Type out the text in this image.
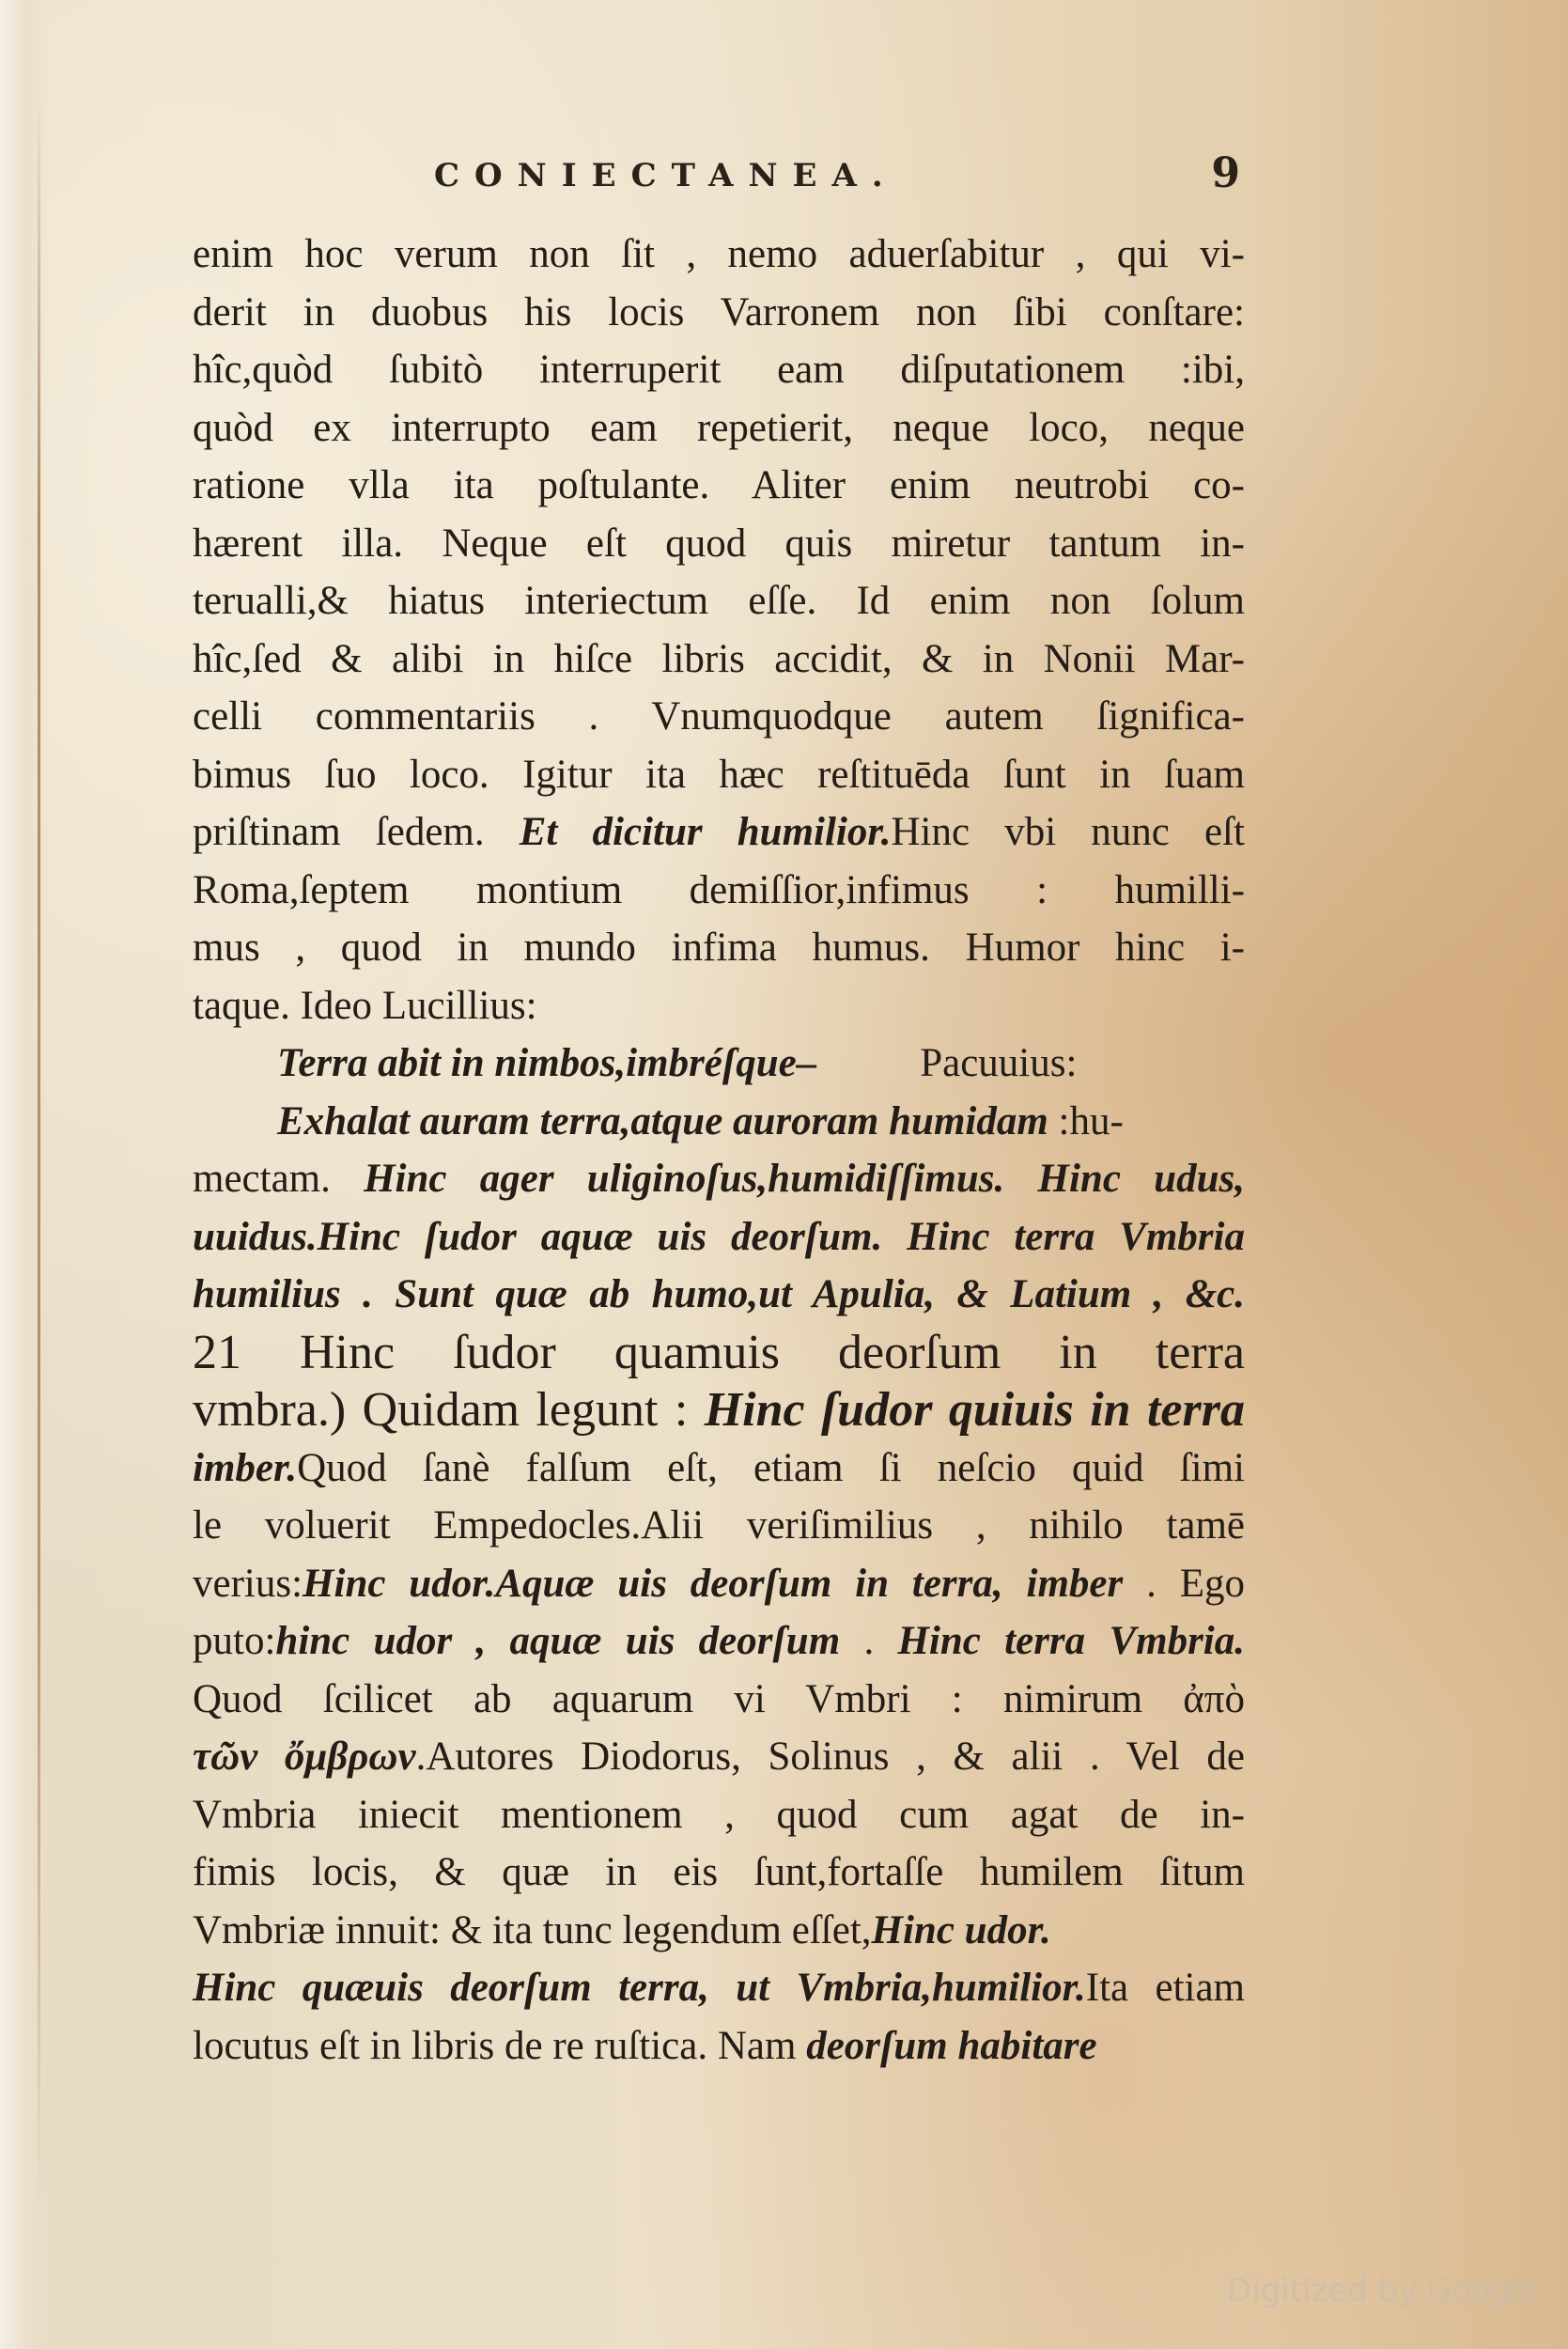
CONIECTANEA.	9
enim hoc verum non ſit , nemo aduerſabitur , qui vi-
derit in duobus his locis Varronem non ſibi conſtare:
hîc,quòd ſubitò interruperit eam diſputationem :ibi,
quòd ex interrupto eam repetierit, neque loco, neque
ratione vlla ita poſtulante. Aliter enim neutrobi co-
hærent illa. Neque eſt quod quis miretur tantum in-
terualli,& hiatus interiectum eſſe. Id enim non ſolum
hîc,ſed & alibi in hiſce libris accidit, & in Nonii Mar-
celli commentariis . Vnumquodque autem ſignifica-
bimus ſuo loco. Igitur ita hæc reſtituēda ſunt in ſuam
priſtinam ſedem. Et dicitur humilior.Hinc vbi nunc eſt
Roma,ſeptem montium demiſſior,infimus : humilli-
mus , quod in mundo infima humus. Humor hinc i-
taque. Ideo Lucillius:
Terra abit in nimbos,imbréſque–	Pacuuius:
Exhalat auram terra,atque auroram humidam :hu-
mectam. Hinc ager uliginoſus,humidiſſimus. Hinc udus,
uuidus.Hinc ſudor aquæ uis deorſum. Hinc terra Vmbria
humilius . Sunt quæ ab humo,ut Apulia, & Latium , &c.
21 Hinc ſudor quamuis deorſum in terra
vmbra.) Quidam legunt : Hinc ſudor quiuis in terra
imber.Quod ſanè falſum eſt, etiam ſi neſcio quid ſimi
le voluerit Empedocles.Alii veriſimilius , nihilo tamē
verius:Hinc udor.Aquæ uis deorſum in terra, imber . Ego
puto:hinc udor , aquæ uis deorſum . Hinc terra Vmbria.
Quod ſcilicet ab aquarum vi Vmbri : nimirum ἀπὸ
τῶν ὄμβρων.Autores Diodorus, Solinus , & alii . Vel de
Vmbria iniecit mentionem , quod cum agat de in-
fimis locis, & quæ in eis ſunt,fortaſſe humilem ſitum
Vmbriæ innuit: & ita tunc legendum eſſet,Hinc udor.
Hinc quæuis deorſum terra, ut Vmbria,humilior.Ita etiam
locutus eſt in libris de re ruſtica. Nam deorſum habitare
Digitized by Google
